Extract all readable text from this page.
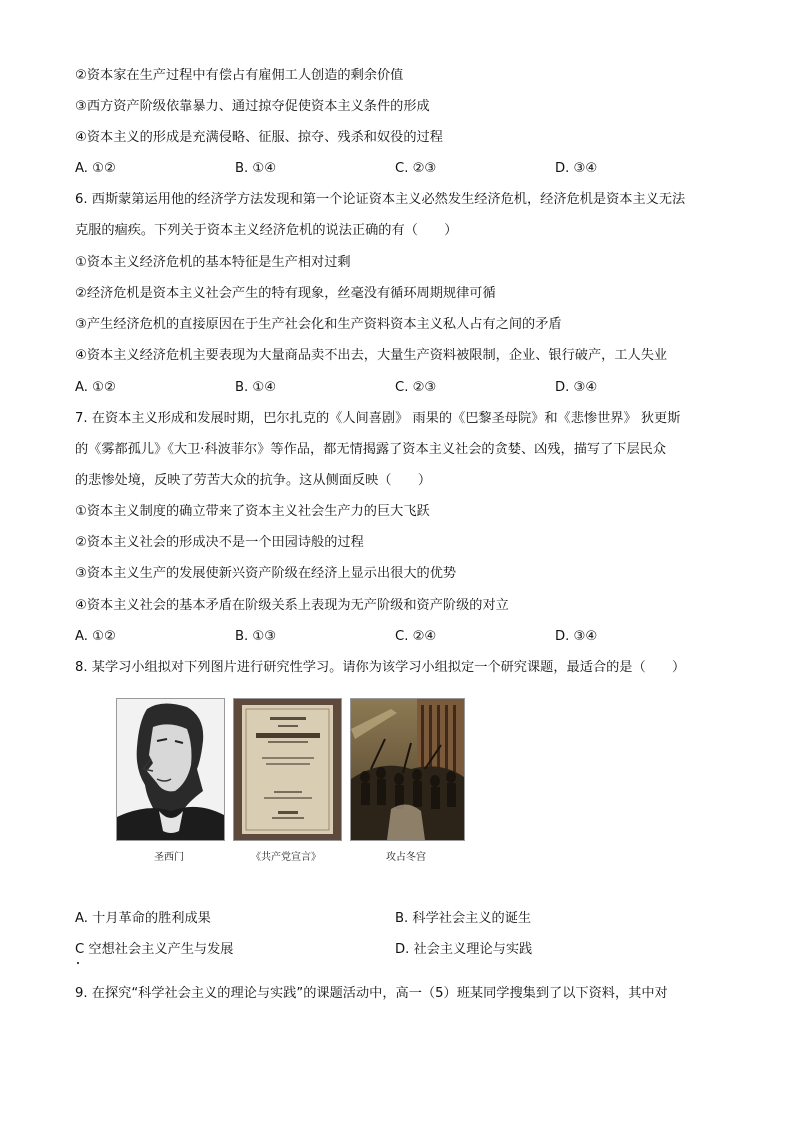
②资本家在生产过程中有偿占有雇佣工人创造的剩余价值
③西方资产阶级依靠暴力、通过掠夺促使资本主义条件的形成
④资本主义的形成是充满侵略、征服、掠夺、残杀和奴役的过程
A. ①②	B. ①④	C. ②③	D. ③④
6. 西斯蒙第运用他的经济学方法发现和第一个论证资本主义必然发生经济危机，经济危机是资本主义无法
克服的痼疾。下列关于资本主义经济危机的说法正确的有（　　）
①资本主义经济危机的基本特征是生产相对过剩
②经济危机是资本主义社会产生的特有现象，丝毫没有循环周期规律可循
③产生经济危机的直接原因在于生产社会化和生产资料资本主义私人占有之间的矛盾
④资本主义经济危机主要表现为大量商品卖不出去，大量生产资料被限制，企业、银行破产，工人失业
A. ①②	B. ①④	C. ②③	D. ③④
7. 在资本主义形成和发展时期，巴尔扎克的《人间喜剧》 雨果的《巴黎圣母院》和《悲惨世界》 狄更斯
的《雾都孤儿》《大卫·科波菲尔》等作品，都无情揭露了资本主义社会的贪婪、凶残，描写了下层民众
的悲惨处境，反映了劳苦大众的抗争。这从侧面反映（　　）
①资本主义制度的确立带来了资本主义社会生产力的巨大飞跃
②资本主义社会的形成决不是一个田园诗般的过程
③资本主义生产的发展使新兴资产阶级在经济上显示出很大的优势
④资本主义社会的基本矛盾在阶级关系上表现为无产阶级和资产阶级的对立
A. ①②	B. ①③	C. ②④	D. ③④
8. 某学习小组拟对下列图片进行研究性学习。请你为该学习小组拟定一个研究课题，最适合的是（　　）
圣西门	《共产党宣言》	攻占冬宫
A. 十月革命的胜利成果	B. 科学社会主义的诞生
C 空想社会主义产生与发展	D. 社会主义理论与实践
9. 在探究“科学社会主义的理论与实践”的课题活动中，高一（5）班某同学搜集到了以下资料，其中对
